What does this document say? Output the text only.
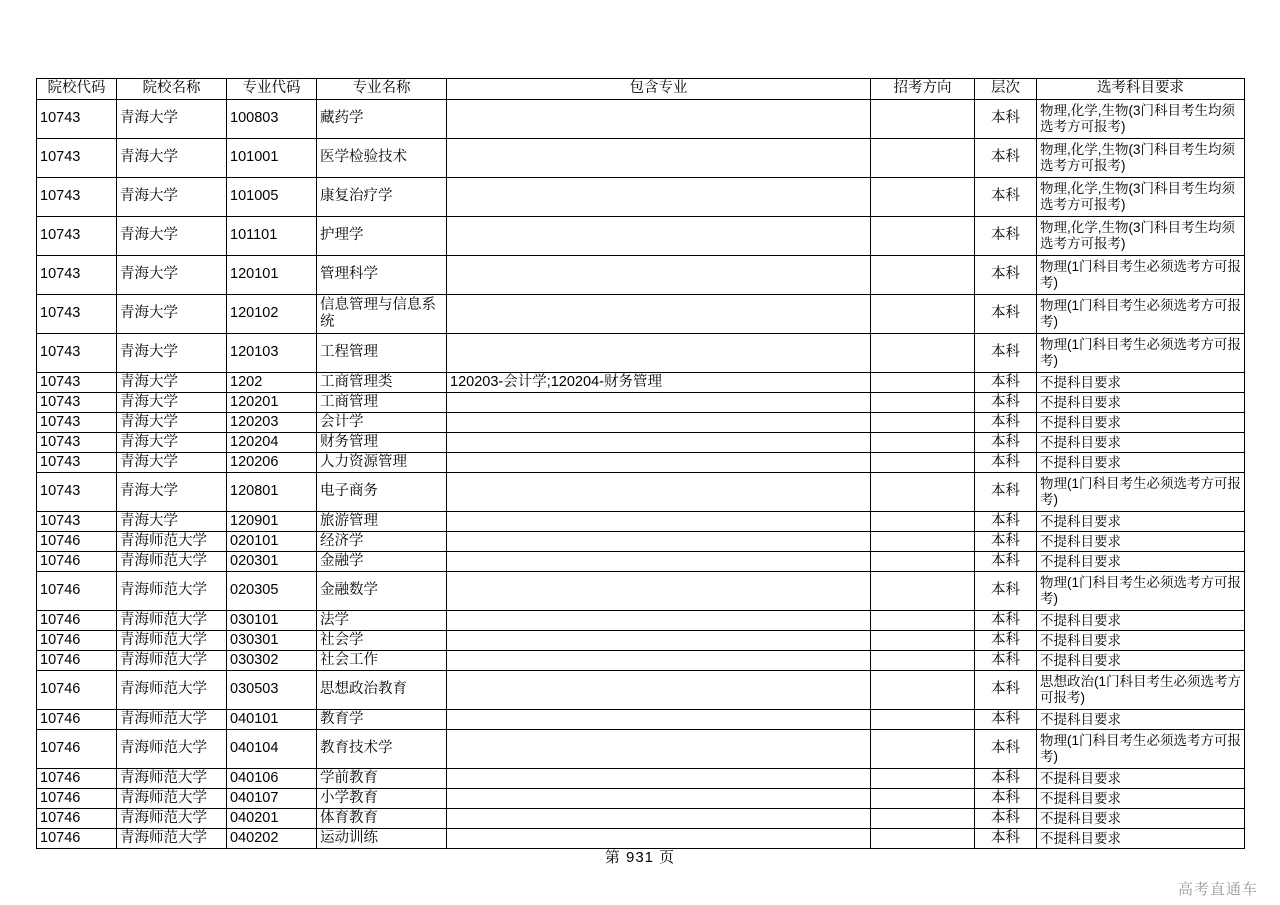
院校代码	院校名称	专业代码	专业名称	包含专业	招考方向	层次	选考科目要求
10743	青海大学	100803	藏药学			本科	物理,化学,生物(3门科目考生均须选考方可报考)
10743	青海大学	101001	医学检验技术			本科	物理,化学,生物(3门科目考生均须选考方可报考)
10743	青海大学	101005	康复治疗学			本科	物理,化学,生物(3门科目考生均须选考方可报考)
10743	青海大学	101101	护理学			本科	物理,化学,生物(3门科目考生均须选考方可报考)
10743	青海大学	120101	管理科学			本科	物理(1门科目考生必须选考方可报考)
10743	青海大学	120102	信息管理与信息系统			本科	物理(1门科目考生必须选考方可报考)
10743	青海大学	120103	工程管理			本科	物理(1门科目考生必须选考方可报考)
10743	青海大学	1202	工商管理类	120203-会计学;120204-财务管理		本科	不提科目要求
10743	青海大学	120201	工商管理			本科	不提科目要求
10743	青海大学	120203	会计学			本科	不提科目要求
10743	青海大学	120204	财务管理			本科	不提科目要求
10743	青海大学	120206	人力资源管理			本科	不提科目要求
10743	青海大学	120801	电子商务			本科	物理(1门科目考生必须选考方可报考)
10743	青海大学	120901	旅游管理			本科	不提科目要求
10746	青海师范大学	020101	经济学			本科	不提科目要求
10746	青海师范大学	020301	金融学			本科	不提科目要求
10746	青海师范大学	020305	金融数学			本科	物理(1门科目考生必须选考方可报考)
10746	青海师范大学	030101	法学			本科	不提科目要求
10746	青海师范大学	030301	社会学			本科	不提科目要求
10746	青海师范大学	030302	社会工作			本科	不提科目要求
10746	青海师范大学	030503	思想政治教育			本科	思想政治(1门科目考生必须选考方可报考)
10746	青海师范大学	040101	教育学			本科	不提科目要求
10746	青海师范大学	040104	教育技术学			本科	物理(1门科目考生必须选考方可报考)
10746	青海师范大学	040106	学前教育			本科	不提科目要求
10746	青海师范大学	040107	小学教育			本科	不提科目要求
10746	青海师范大学	040201	体育教育			本科	不提科目要求
10746	青海师范大学	040202	运动训练			本科	不提科目要求
第 931 页
高考直通车
